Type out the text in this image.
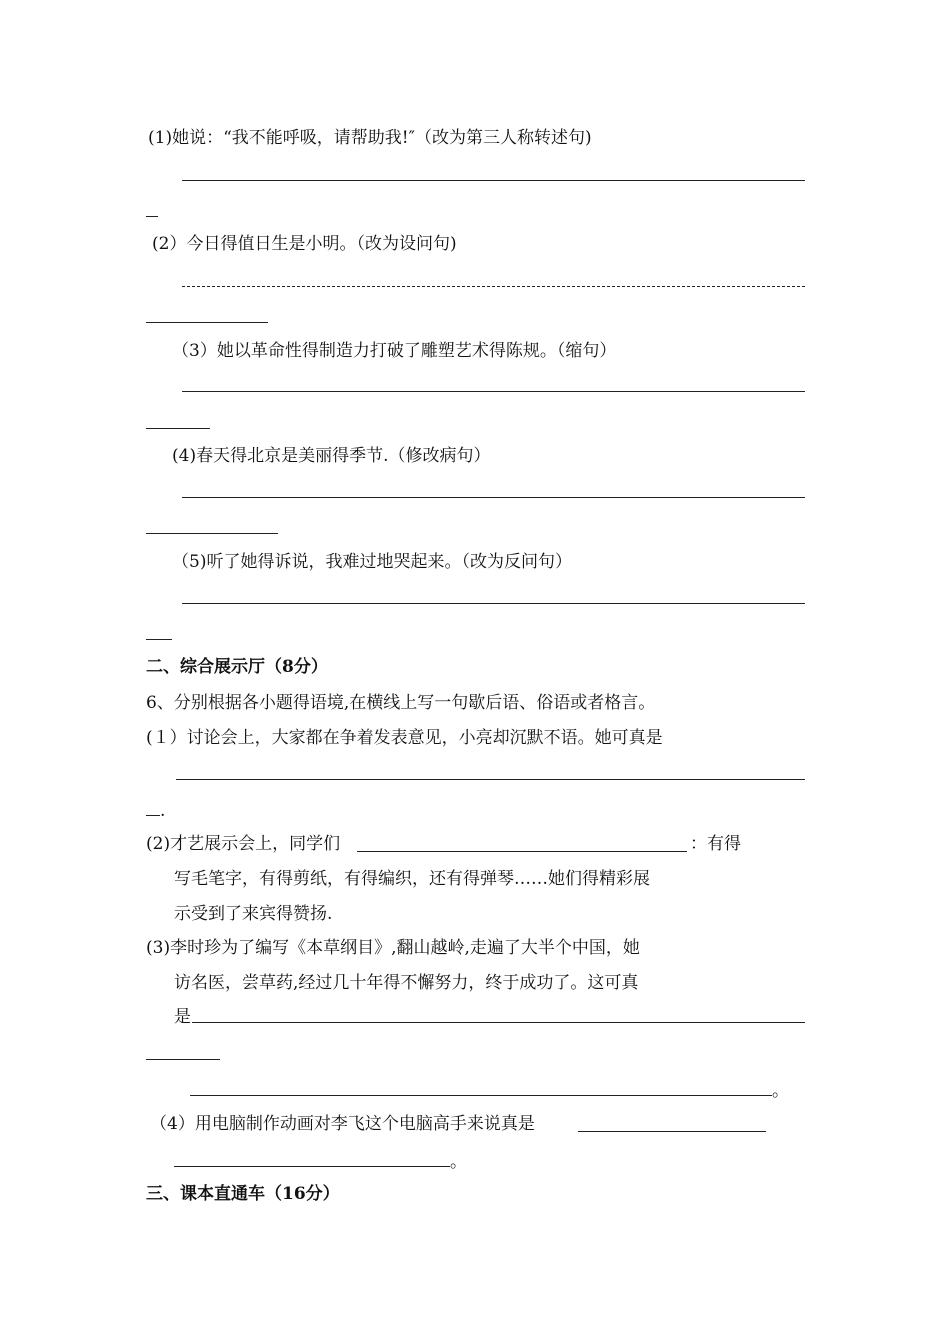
(1)她说：“我不能呼吸，请帮助我!″（改为第三人称转述句)
(2）今日得值日生是小明。（改为设问句)
（3）她以革命性得制造力打破了雕塑艺术得陈规。（缩句）
(4)春天得北京是美丽得季节.（修改病句）
（5)听了她得诉说，我难过地哭起来。（改为反问句）
二、综合展示厅（8分）
6、分别根据各小题得语境,在横线上写一句歇后语、俗语或者格言。
(１）讨论会上，大家都在争着发表意见，小亮却沉默不语。她可真是
.
(2)才艺展示会上，同学们	：有得
写毛笔字，有得剪纸，有得编织，还有得弹琴……她们得精彩展
示受到了来宾得赞扬.
(3)李时珍为了编写《本草纲目》,翻山越岭,走遍了大半个中国，她
访名医，尝草药,经过几十年得不懈努力，终于成功了。这可真
是
。
（4）用电脑制作动画对李飞这个电脑高手来说真是
。
三、课本直通车（16分）
